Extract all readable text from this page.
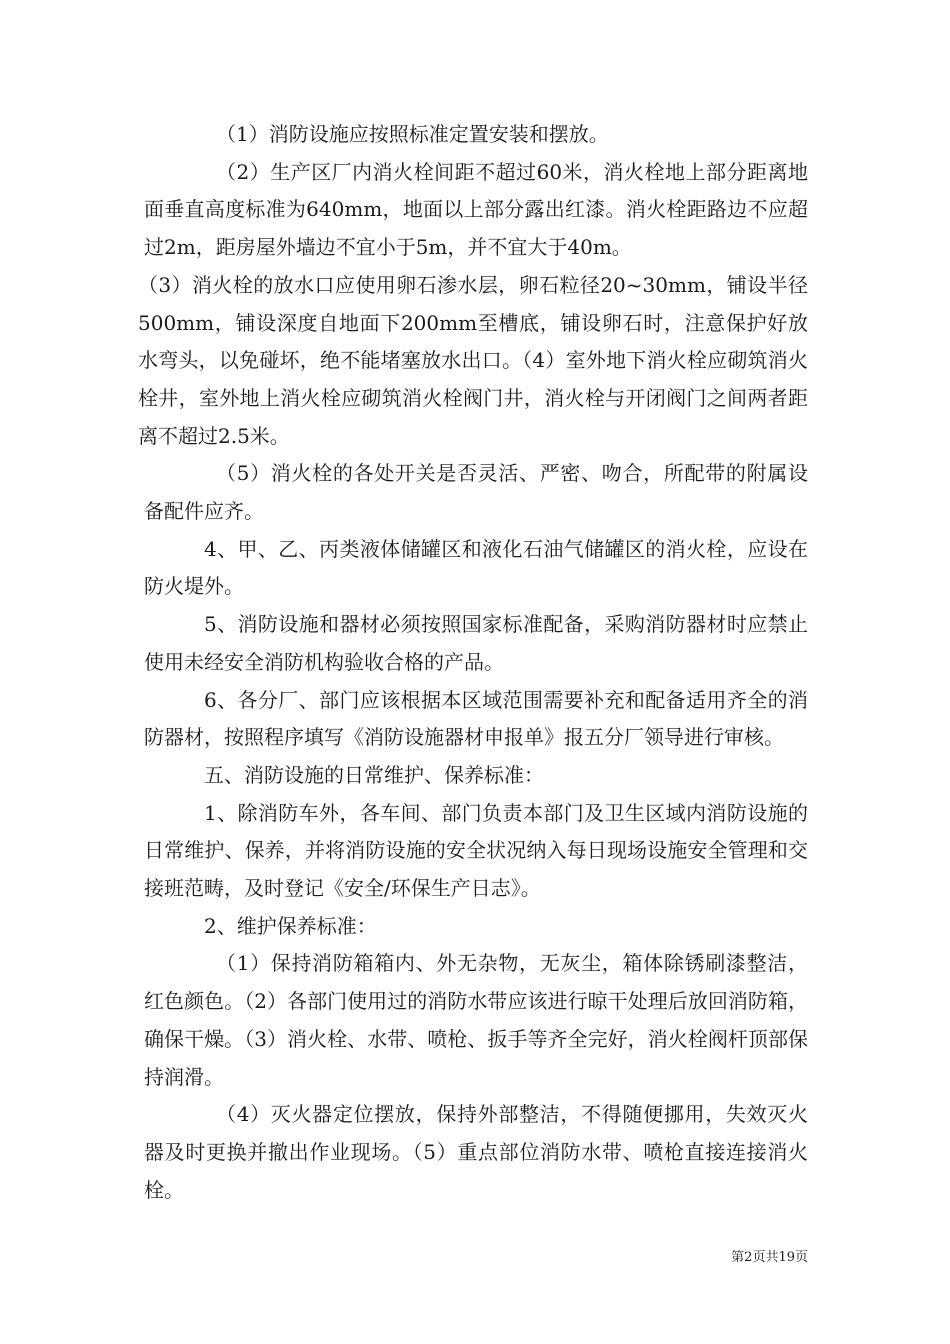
（1）消防设施应按照标准定置安装和摆放。

（2）生产区厂内消火栓间距不超过60米，消火栓地上部分距离地面垂直高度标准为640mm，地面以上部分露出红漆。消火栓距路边不应超过2m，距房屋外墙边不宜小于5m，并不宜大于40m。

（3）消火栓的放水口应使用卵石渗水层，卵石粒径20~30mm，铺设半径500mm，铺设深度自地面下200mm至槽底，铺设卵石时，注意保护好放水弯头，以免碰坏，绝不能堵塞放水出口。（4）室外地下消火栓应砌筑消火栓井，室外地上消火栓应砌筑消火栓阀门井，消火栓与开闭阀门之间两者距离不超过2.5米。

（5）消火栓的各处开关是否灵活、严密、吻合，所配带的附属设备配件应齐。

4、甲、乙、丙类液体储罐区和液化石油气储罐区的消火栓，应设在防火堤外。

5、消防设施和器材必须按照国家标准配备，采购消防器材时应禁止使用未经安全消防机构验收合格的产品。

6、各分厂、部门应该根据本区域范围需要补充和配备适用齐全的消防器材，按照程序填写《消防设施器材申报单》报五分厂领导进行审核。

五、消防设施的日常维护、保养标准：

1、除消防车外，各车间、部门负责本部门及卫生区域内消防设施的日常维护、保养，并将消防设施的安全状况纳入每日现场设施安全管理和交接班范畴，及时登记《安全/环保生产日志》。

2、维护保养标准：

（1）保持消防箱箱内、外无杂物，无灰尘，箱体除锈刷漆整洁，红色颜色。（2）各部门使用过的消防水带应该进行晾干处理后放回消防箱，确保干燥。（3）消火栓、水带、喷枪、扳手等齐全完好，消火栓阀杆顶部保持润滑。

（4）灭火器定位摆放，保持外部整洁，不得随便挪用，失效灭火器及时更换并撤出作业现场。（5）重点部位消防水带、喷枪直接连接消火栓。

第2页共19页
